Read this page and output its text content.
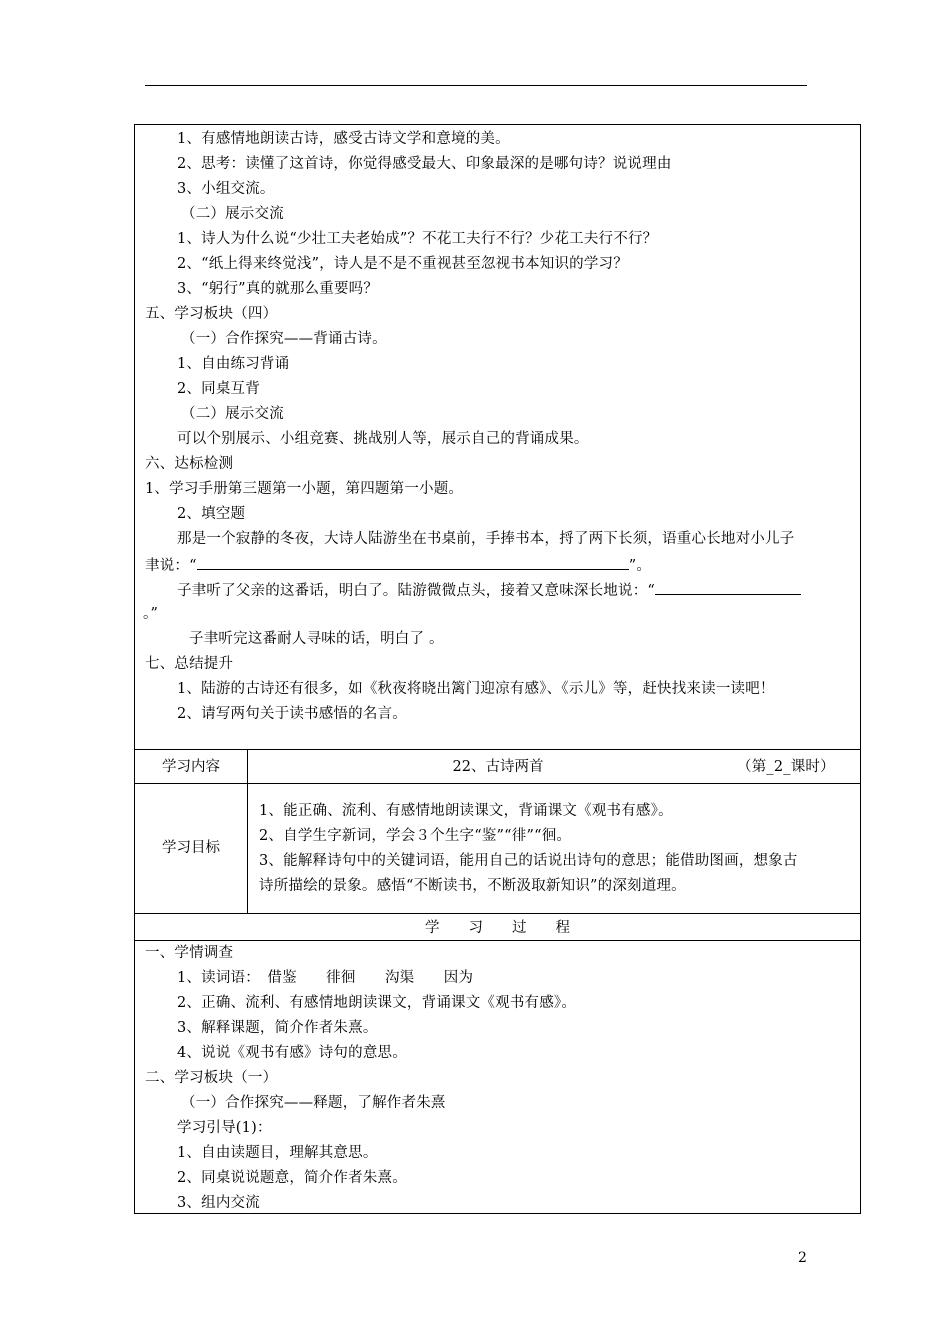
1、有感情地朗读古诗，感受古诗文学和意境的美。
2、思考：读懂了这首诗，你觉得感受最大、印象最深的是哪句诗？说说理由
3、小组交流。
（二）展示交流
1、诗人为什么说“少壮工夫老始成”？不花工夫行不行？少花工夫行不行？
2、“纸上得来终觉浅”，诗人是不是不重视甚至忽视书本知识的学习？
3、“躬行”真的就那么重要吗？
五、学习板块（四）
（一）合作探究——背诵古诗。
1、自由练习背诵
2、同桌互背
（二）展示交流
可以个别展示、小组竞赛、挑战别人等，展示自己的背诵成果。
六、达标检测
1、学习手册第三题第一小题，第四题第一小题。
2、填空题
那是一个寂静的冬夜，大诗人陆游坐在书桌前，手捧书本，捋了两下长须，语重心长地对小儿子
聿说：“	”。
子聿听了父亲的这番话，明白了。陆游微微点头，接着又意味深长地说：“
。”
子聿听完这番耐人寻味的话，明白了 。
七、总结提升
1、陆游的古诗还有很多，如《秋夜将晓出篱门迎凉有感》、《示儿》等，赶快找来读一读吧！
2、请写两句关于读书感悟的名言。
学习内容	22、古诗两首	（第_2_课时）
学习目标
1、能正确、流利、有感情地朗读课文，背诵课文《观书有感》。
2、自学生字新词，学会３个生字“鉴”“徘”“徊。
3、能解释诗句中的关键词语，能用自己的话说出诗句的意思；能借助图画，想象古
诗所描绘的景象。感悟“不断读书，不断汲取新知识”的深刻道理。
学　　习　　过　　程
一、学情调查
1、读词语：　借鉴　　徘徊　　沟渠　　因为
2、正确、流利、有感情地朗读课文，背诵课文《观书有感》。
3、解释课题，简介作者朱熹。
4、说说《观书有感》诗句的意思。
二、学习板块（一）
（一）合作探究——释题，了解作者朱熹
学习引导(1)：
1、自由读题目，理解其意思。
2、同桌说说题意，简介作者朱熹。
3、组内交流
2
